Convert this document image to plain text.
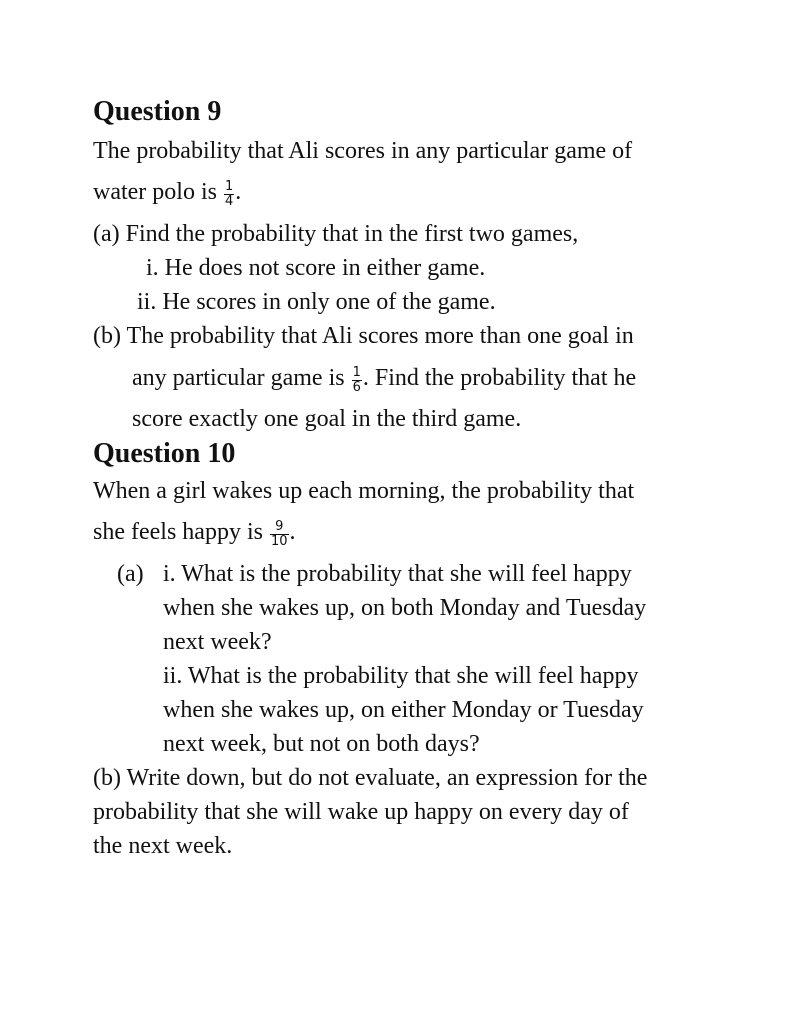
Question 9
The probability that Ali scores in any particular game of
water polo is $\frac{1}{4}$ .
(a) Find the probability that in the first two games,
i. He does not score in either game.
ii. He scores in only one of the game.
(b) The probability that Ali scores more than one goal in
any particular game is $\frac{1}{6}$ . Find the probability that he
score exactly one goal in the third game.
Question 10
When a girl wakes up each morning, the probability that
she feels happy is $\frac{9}{10}$ .
(a) i. What is the probability that she will feel happy
when she wakes up, on both Monday and Tuesday
next week?
ii. What is the probability that she will feel happy
when she wakes up, on either Monday or Tuesday
next week, but not on both days?
(b) Write down, but do not evaluate, an expression for the
probability that she will wake up happy on every day of
the next week.
